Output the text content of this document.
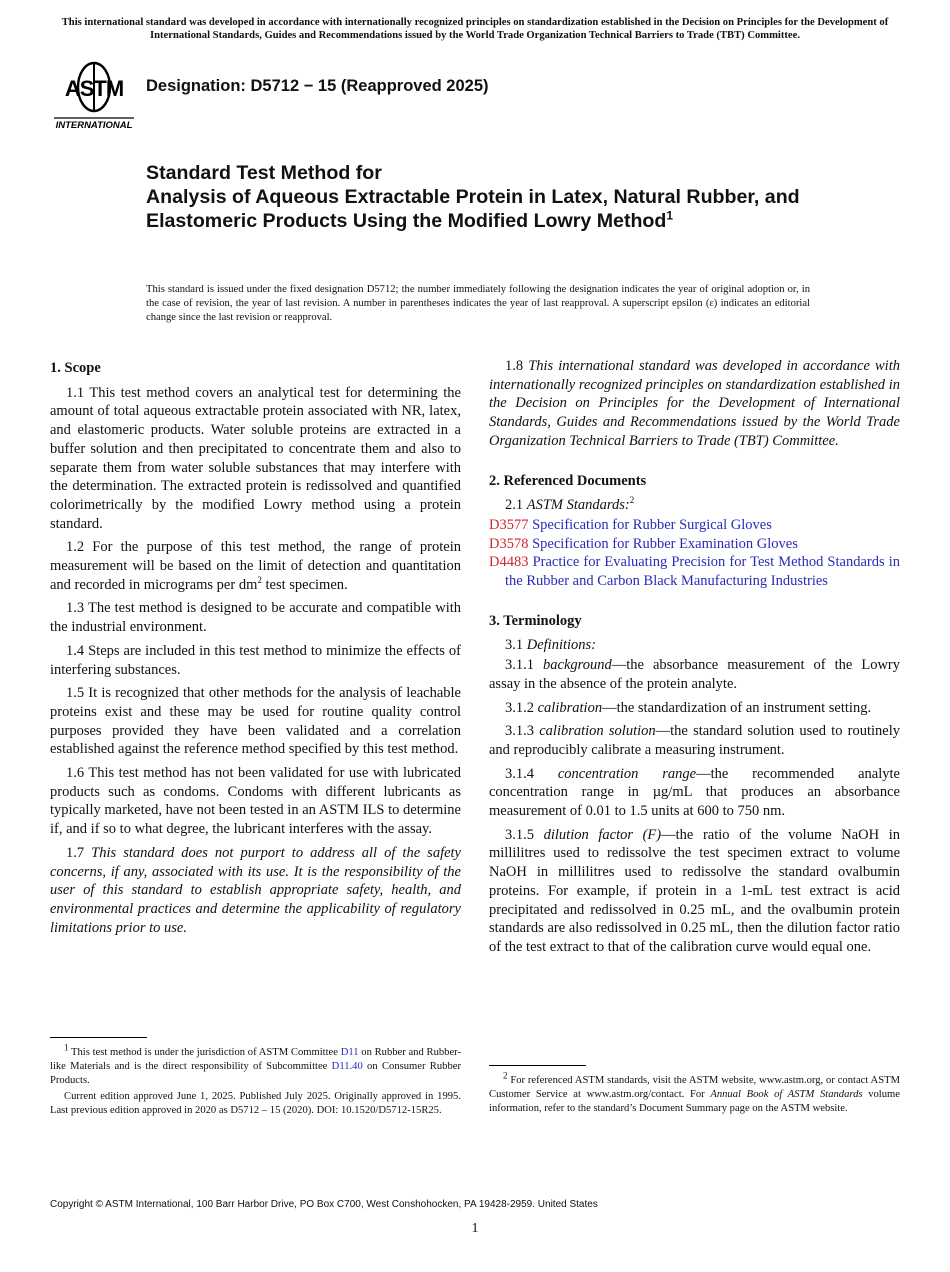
This international standard was developed in accordance with internationally recognized principles on standardization established in the Decision on Principles for the Development of International Standards, Guides and Recommendations issued by the World Trade Organization Technical Barriers to Trade (TBT) Committee.
ASTM
INTERNATIONAL
Designation: D5712 − 15 (Reapproved 2025)
Standard Test Method for
Analysis of Aqueous Extractable Protein in Latex, Natural Rubber, and Elastomeric Products Using the Modified Lowry Method$^1$
This standard is issued under the fixed designation D5712; the number immediately following the designation indicates the year of original adoption or, in the case of revision, the year of last revision. A number in parentheses indicates the year of last reapproval. A superscript epsilon (ε) indicates an editorial change since the last revision or reapproval.
1. Scope

1.1 This test method covers an analytical test for determining the amount of total aqueous extractable protein associated with NR, latex, and elastomeric products. Water soluble proteins are extracted in a buffer solution and then precipitated to concentrate them and also to separate them from water soluble substances that may interfere with the determination. The extracted protein is redissolved and quantified colorimetrically by the modified Lowry method using a protein standard.

1.2 For the purpose of this test method, the range of protein measurement will be based on the limit of detection and quantitation and recorded in micrograms per $dm^2$ test specimen.

1.3 The test method is designed to be accurate and compatible with the industrial environment.

1.4 Steps are included in this test method to minimize the effects of interfering substances.

1.5 It is recognized that other methods for the analysis of leachable proteins exist and these may be used for routine quality control purposes provided they have been validated and a correlation established against the reference method specified by this test method.

1.6 This test method has not been validated for use with lubricated products such as condoms. Condoms with different lubricants as typically marketed, have not been tested in an ASTM ILS to determine if, and if so to what degree, the lubricant interferes with the assay.

1.7 This standard does not purport to address all of the safety concerns, if any, associated with its use. It is the responsibility of the user of this standard to establish appropriate safety, health, and environmental practices and determine the applicability of regulatory limitations prior to use.

1.8 This international standard was developed in accordance with internationally recognized principles on standardization established in the Decision on Principles for the Development of International Standards, Guides and Recommendations issued by the World Trade Organization Technical Barriers to Trade (TBT) Committee.

2. Referenced Documents

2.1 ASTM Standards:$^2$

D3577 Specification for Rubber Surgical Gloves
D3578 Specification for Rubber Examination Gloves
D4483 Practice for Evaluating Precision for Test Method Standards in the Rubber and Carbon Black Manufacturing Industries
3. Terminology

3.1 Definitions:

3.1.1 background—the absorbance measurement of the Lowry assay in the absence of the protein analyte.

3.1.2 calibration—the standardization of an instrument setting.

3.1.3 calibration solution—the standard solution used to routinely and reproducibly calibrate a measuring instrument.

3.1.4 concentration range—the recommended analyte concentration range in µg/mL that produces an absorbance measurement of 0.01 to 1.5 units at 600 to 750 nm.

3.1.5 dilution factor (F)—the ratio of the volume NaOH in millilitres used to redissolve the test specimen extract to volume NaOH in millilitres used to redissolve the standard ovalbumin proteins. For example, if protein in a 1-mL test extract is acid precipitated and redissolved in 0.25 mL, and the ovalbumin protein standards are also redissolved in 0.25 mL, then the dilution factor ratio of the test extract to that of the calibration curve would equal one.

$^1$ This test method is under the jurisdiction of ASTM Committee D11 on Rubber and Rubber-like Materials and is the direct responsibility of Subcommittee D11.40 on Consumer Rubber Products.

Current edition approved June 1, 2025. Published July 2025. Originally approved in 1995. Last previous edition approved in 2020 as D5712 – 15 (2020). DOI: 10.1520/D5712-15R25.

$^2$ For referenced ASTM standards, visit the ASTM website, www.astm.org, or contact ASTM Customer Service at www.astm.org/contact. For Annual Book of ASTM Standards volume information, refer to the standard’s Document Summary page on the ASTM website.

Copyright © ASTM International, 100 Barr Harbor Drive, PO Box C700, West Conshohocken, PA 19428-2959. United States
1
